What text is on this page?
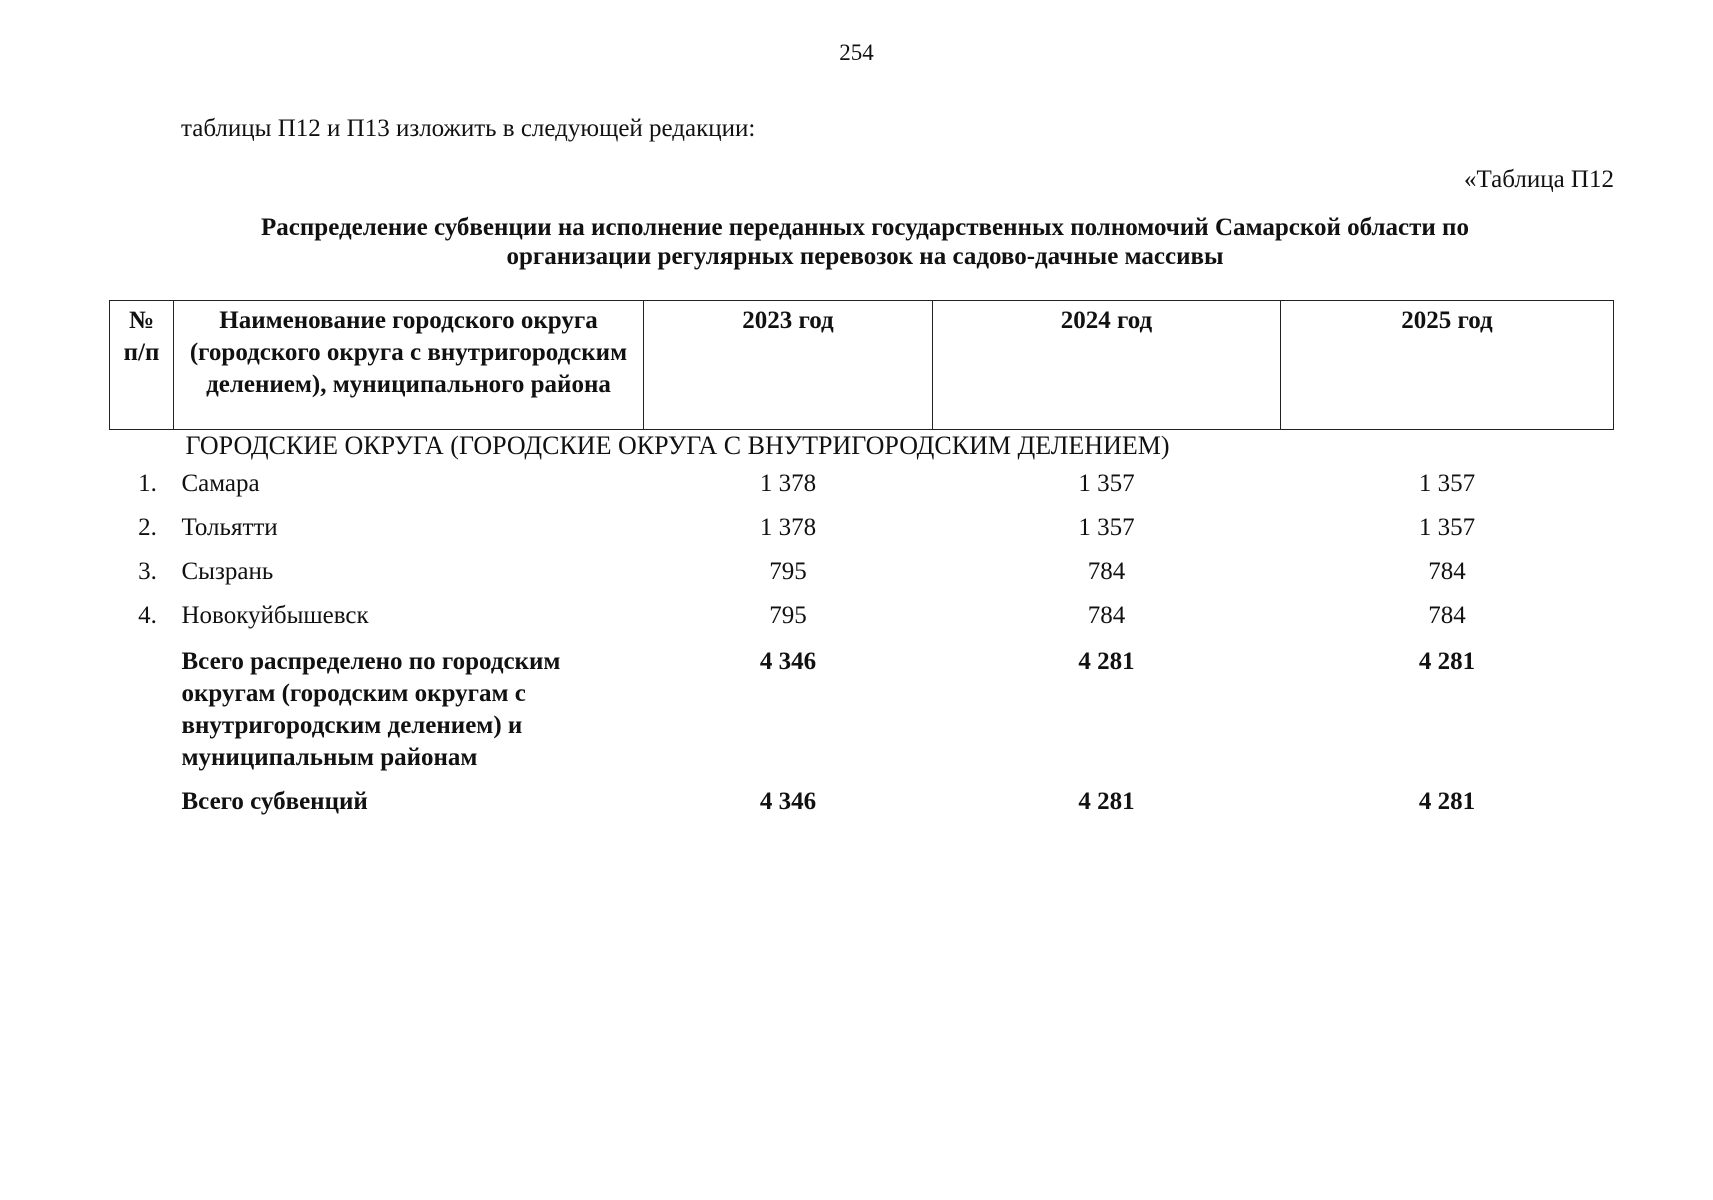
254
таблицы П12 и П13 изложить в следующей редакции:
«Таблица П12
Распределение субвенции на исполнение переданных государственных полномочий Самарской области по
организации регулярных перевозок на садово-дачные массивы
№ п/п	Наименование городского округа (городского округа с внутригородским делением), муниципального района	2023 год	2024 год	2025 год
ГОРОДСКИЕ ОКРУГА (ГОРОДСКИЕ ОКРУГА С ВНУТРИГОРОДСКИМ ДЕЛЕНИЕМ)				
1.	Самара	1 378	1 357	1 357
2.	Тольятти	1 378	1 357	1 357
3.	Сызрань	795	784	784
4.	Новокуйбышевск	795	784	784
	Всего распределено по городским округам (городским округам с внутригородским делением) и муниципальным районам	4 346	4 281	4 281
	Всего субвенций	4 346	4 281	4 281
